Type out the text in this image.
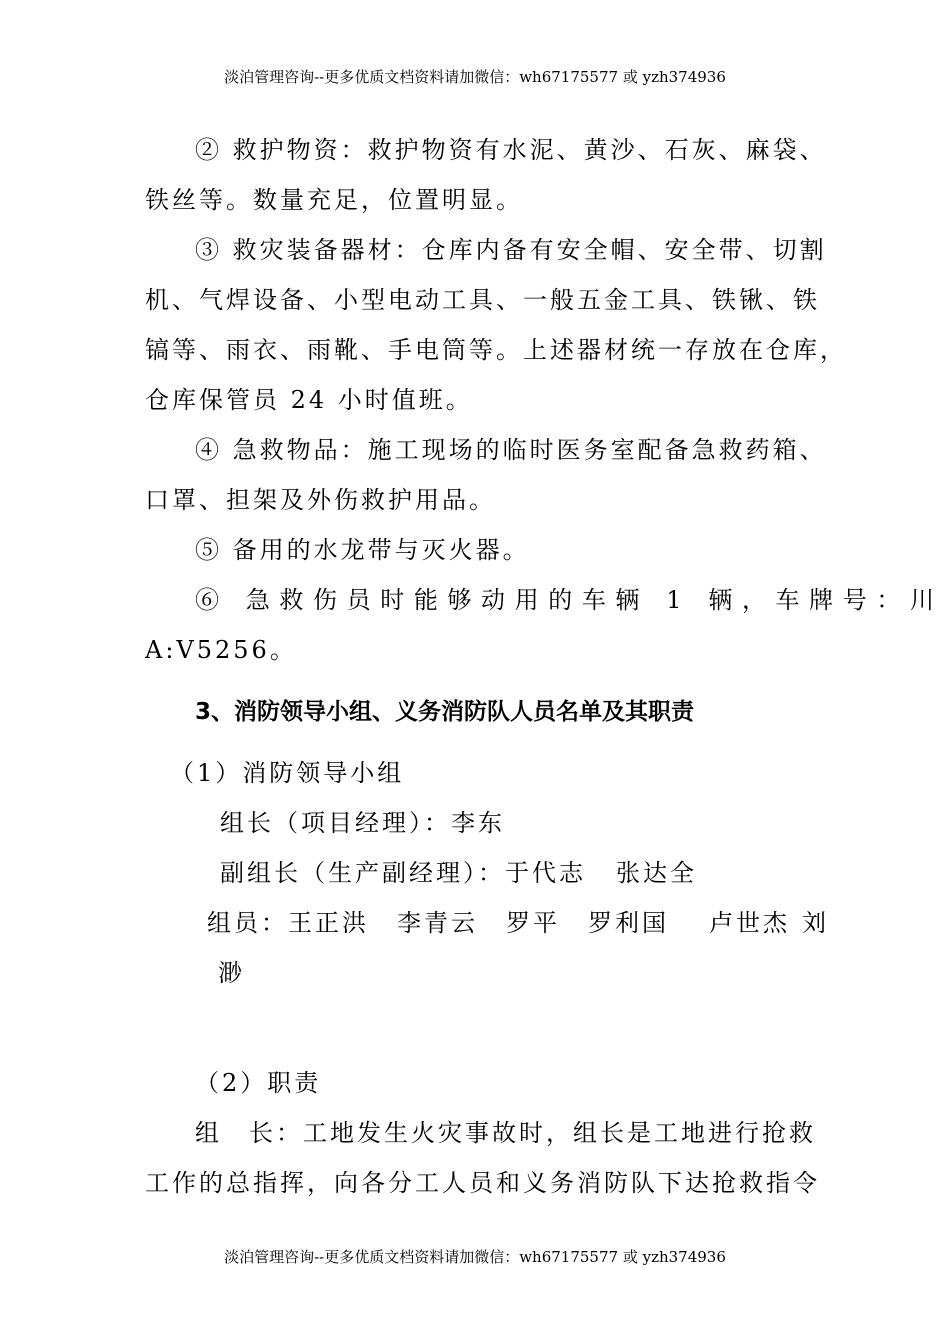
淡泊管理咨询--更多优质文档资料请加微信：wh67175577 或 yzh374936
② 救护物资：救护物资有水泥、黄沙、石灰、麻袋、
铁丝等。数量充足，位置明显。
③ 救灾装备器材：仓库内备有安全帽、安全带、切割
机、气焊设备、小型电动工具、一般五金工具、铁锹、铁
镐等、雨衣、雨靴、手电筒等。上述器材统一存放在仓库，
仓库保管员 24 小时值班。
④ 急救物品：施工现场的临时医务室配备急救药箱、
口罩、担架及外伤救护用品。
⑤ 备用的水龙带与灭火器。
⑥ 急救伤员时能够动用的车辆 1 辆，车牌号：川
A:V5256。
3、消防领导小组、义务消防队人员名单及其职责
（1）消防领导小组
组长（项目经理）：李东
副组长（生产副经理）：于代志 张达全
组员：王正洪 李青云 罗平 罗利国 卢世杰 刘
渺
（2）职责
组　长：工地发生火灾事故时，组长是工地进行抢救
工作的总指挥，向各分工人员和义务消防队下达抢救指令
淡泊管理咨询--更多优质文档资料请加微信：wh67175577 或 yzh374936
